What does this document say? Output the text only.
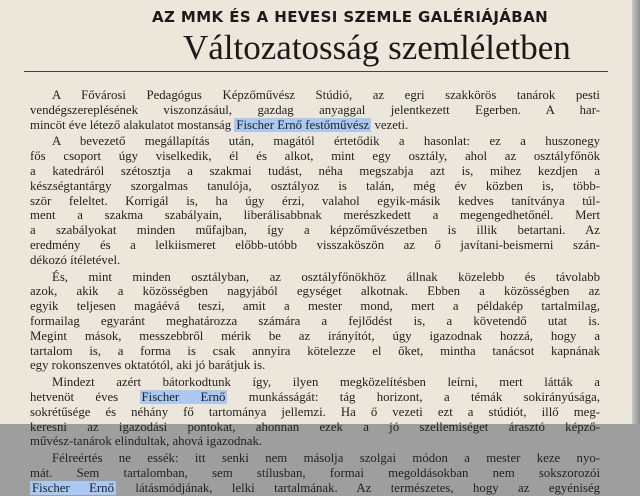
AZ MMK ÉS A HEVESI SZEMLE GALÉRIÁJÁBAN
Változatosság szemléletben
A Fővárosi Pedagógus Képzőművész Stúdió, az egri szakkörös tanárok pesti
vendégszereplésének viszonzásául, gazdag anyaggal jelentkezett Egerben. A har-
mincöt éve létező alakulatot mostanság Fischer Ernő festőművész vezeti.
A bevezető megállapítás után, magától értetődik a hasonlat: ez a huszonegy
fős csoport úgy viselkedik, él és alkot, mint egy osztály, ahol az osztályfőnök
a katedráról szétosztja a szakmai tudást, néha megszabja azt is, mihez kezdjen a
készségtantárgy szorgalmas tanulója, osztályoz is talán, még év közben is, több-
ször feleltet. Korrigál is, ha úgy érzi, valahol egyik-másik kedves tanítványa túl-
ment a szakma szabályain, liberálisabbnak merészkedett a megengedhetőnél. Mert
a szabályokat minden műfajban, így a képzőművészetben is illik betartani. Az
eredmény és a lelkiismeret előbb-utóbb visszaköszön az ő javítani-beismerni szán-
dékozó ítéletével.
És, mint minden osztályban, az osztályfőnökhöz állnak közelebb és távolabb
azok, akik a közösségben nagyjából egységet alkotnak. Ebben a közösségben az
egyik teljesen magáévá teszi, amit a mester mond, mert a példakép tartalmilag,
formailag egyaránt meghatározza számára a fejlődést is, a követendő utat is.
Megint mások, messzebbről mérik be az irányítót, úgy igazodnak hozzá, hogy a
tartalom is, a forma is csak annyira kötelezze el őket, mintha tanácsot kapnának
egy rokonszenves oktatótól, aki jó barátjuk is.
Mindezt azért bátorkodtunk így, ilyen megközelítésben leírni, mert látták a
hetvenöt éves Fischer Ernő munkásságát: tág horizont, a témák sokirányúsága,
sokrétűsége és néhány fő tartománya jellemzi. Ha ő vezeti ezt a stúdiót, illő meg-
keresni az igazodási pontokat, ahonnan ezek a jó szellemiséget árasztó képző-
művész-tanárok elindultak, ahová igazodnak.
Félreértés ne essék: itt senki nem másolja szolgai módon a mester keze nyo-
mát. Sem tartalomban, sem stílusban, formai megoldásokban nem sokszorozói
Fischer Ernő látásmódjának, lelki tartalmának. Az természetes, hogy az egyéniség
